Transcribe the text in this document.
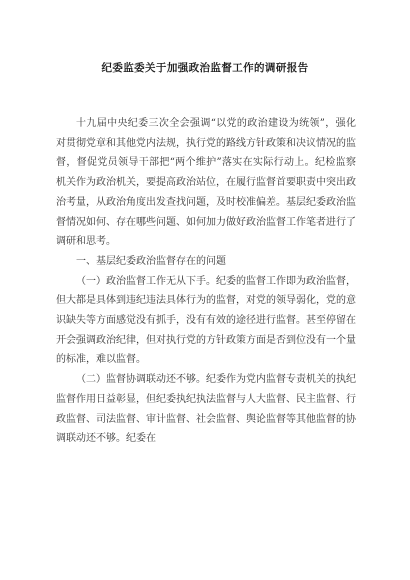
纪委监委关于加强政治监督工作的调研报告

十九届中央纪委三次全会强调“以党的政治建设为统领”，强化对贯彻党章和其他党内法规，执行党的路线方针政策和决议情况的监督，督促党员领导干部把“两个维护”落实在实际行动上。纪检监察机关作为政治机关，要提高政治站位，在履行监督首要职责中突出政治考量，从政治角度出发查找问题，及时校准偏差。基层纪委政治监督情况如何、存在哪些问题、如何加力做好政治监督工作笔者进行了调研和思考。

一、基层纪委政治监督存在的问题

（一）政治监督工作无从下手。纪委的监督工作即为政治监督，但大都是具体到违纪违法具体行为的监督，对党的领导弱化，党的意识缺失等方面感觉没有抓手，没有有效的途径进行监督。甚至停留在开会强调政治纪律，但对执行党的方针政策方面是否到位没有一个量的标准，难以监督。

（二）监督协调联动还不够。纪委作为党内监督专责机关的执纪监督作用日益彰显，但纪委执纪执法监督与人大监督、民主监督、行政监督、司法监督、审计监督、社会监督、舆论监督等其他监督的协调联动还不够。纪委在
